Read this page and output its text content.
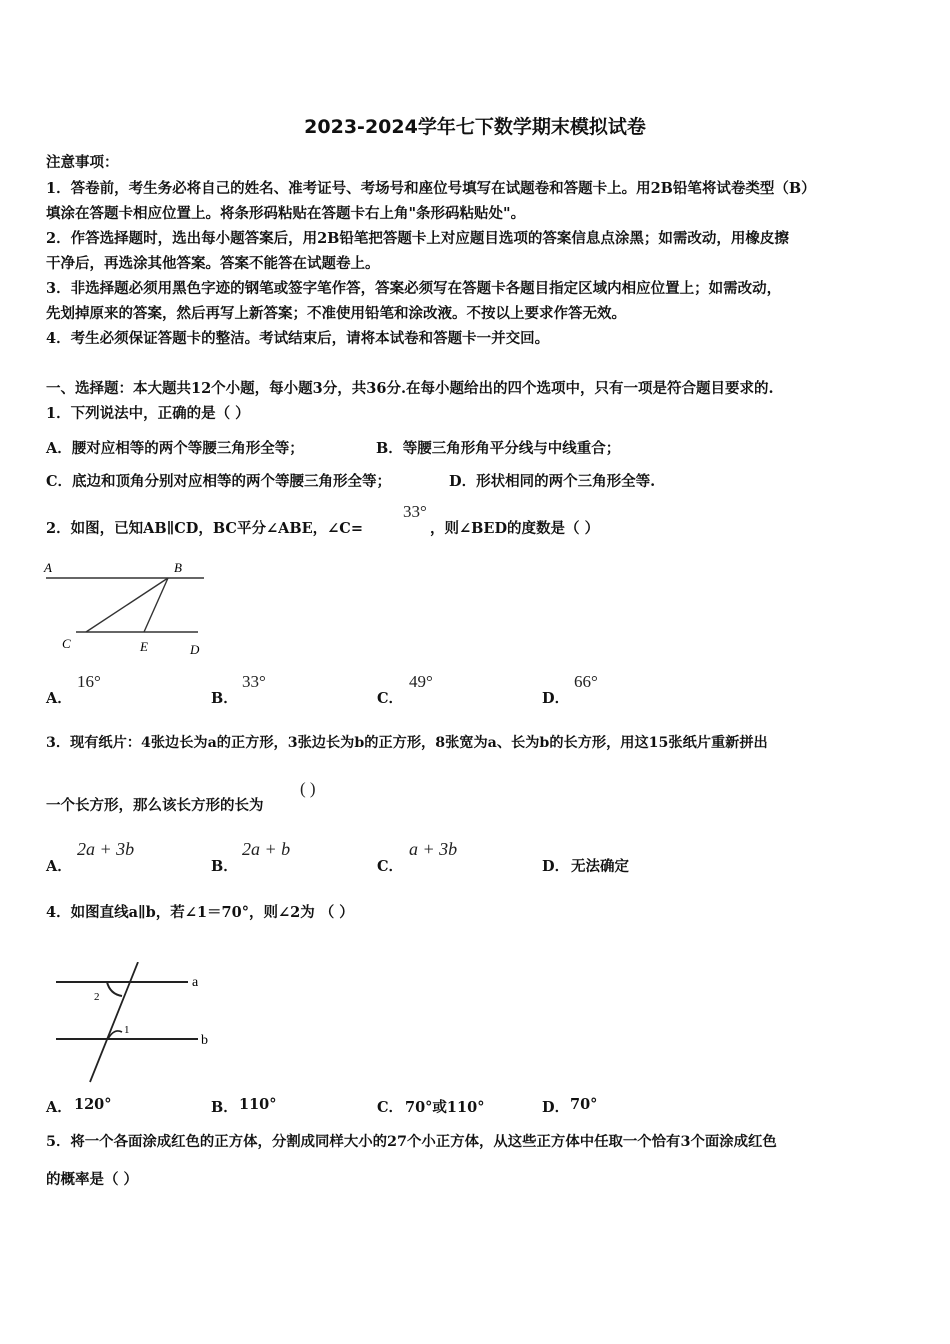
2023-2024学年七下数学期末模拟试卷
注意事项：
1．答卷前，考生务必将自己的姓名、准考证号、考场号和座位号填写在试题卷和答题卡上。用2B铅笔将试卷类型（B）
填涂在答题卡相应位置上。将条形码粘贴在答题卡右上角"条形码粘贴处"。
2．作答选择题时，选出每小题答案后，用2B铅笔把答题卡上对应题目选项的答案信息点涂黑；如需改动，用橡皮擦
干净后，再选涂其他答案。答案不能答在试题卷上。
3．非选择题必须用黑色字迹的钢笔或签字笔作答，答案必须写在答题卡各题目指定区域内相应位置上；如需改动，
先划掉原来的答案，然后再写上新答案；不准使用铅笔和涂改液。不按以上要求作答无效。
4．考生必须保证答题卡的整洁。考试结束后，请将本试卷和答题卡一并交回。
一、选择题：本大题共12个小题，每小题3分，共36分.在每小题给出的四个选项中，只有一项是符合题目要求的.
1．下列说法中，正确的是（ ）
A．腰对应相等的两个等腰三角形全等；	B．等腰三角形角平分线与中线重合；
C．底边和顶角分别对应相等的两个等腰三角形全等；	D．形状相同的两个三角形全等.
2．如图，已知AB∥CD，BC平分∠ABE，∠C=
33°
，则∠BED的度数是（ ）
A	B
C	E	D
A．
16°
B．
33°
C．
49°
D．
66°
3．现有纸片：4张边长为a的正方形，3张边长为b的正方形，8张宽为a、长为b的长方形，用这15张纸片重新拼出
一个长方形，那么该长方形的长为
( )
A．
2a + 3b
B．
2a + b
C．
a + 3b
D． 无法确定
4．如图直线a∥b，若∠1＝70°，则∠2为 （ ）
a
b
2
1
A． 120°	B． 110°	C． 70°或110°	D． 70°
5．将一个各面涂成红色的正方体，分割成同样大小的27个小正方体，从这些正方体中任取一个恰有3个面涂成红色
的概率是（ ）
